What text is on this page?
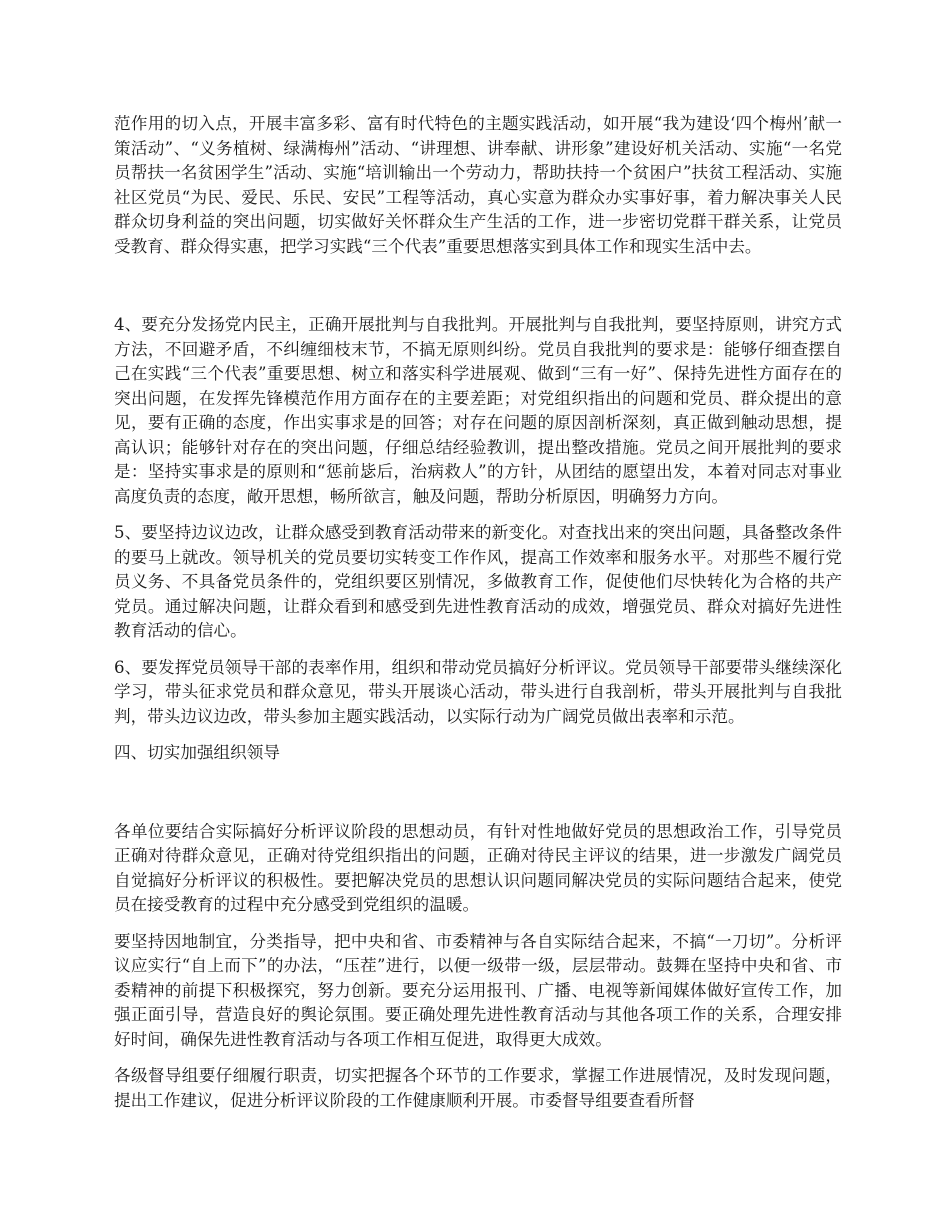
范作用的切入点，开展丰富多彩、富有时代特色的主题实践活动，如开展“我为建设‘四个梅州’献一策活动”、“义务植树、绿满梅州”活动、“讲理想、讲奉献、讲形象”建设好机关活动、实施“一名党员帮扶一名贫困学生”活动、实施“培训输出一个劳动力，帮助扶持一个贫困户”扶贫工程活动、实施社区党员“为民、爱民、乐民、安民”工程等活动，真心实意为群众办实事好事，着力解决事关人民群众切身利益的突出问题，切实做好关怀群众生产生活的工作，进一步密切党群干群关系，让党员受教育、群众得实惠，把学习实践“三个代表”重要思想落实到具体工作和现实生活中去。

4、要充分发扬党内民主，正确开展批判与自我批判。开展批判与自我批判，要坚持原则，讲究方式方法，不回避矛盾，不纠缠细枝末节，不搞无原则纠纷。党员自我批判的要求是：能够仔细查摆自己在实践“三个代表”重要思想、树立和落实科学进展观、做到“三有一好”、保持先进性方面存在的突出问题，在发挥先锋模范作用方面存在的主要差距；对党组织指出的问题和党员、群众提出的意见，要有正确的态度，作出实事求是的回答；对存在问题的原因剖析深刻，真正做到触动思想，提高认识；能够针对存在的突出问题，仔细总结经验教训，提出整改措施。党员之间开展批判的要求是：坚持实事求是的原则和“惩前毖后，治病救人”的方针，从团结的愿望出发，本着对同志对事业高度负责的态度，敞开思想，畅所欲言，触及问题，帮助分析原因，明确努力方向。

5、要坚持边议边改，让群众感受到教育活动带来的新变化。对查找出来的突出问题，具备整改条件的要马上就改。领导机关的党员要切实转变工作作风，提高工作效率和服务水平。对那些不履行党员义务、不具备党员条件的，党组织要区别情况，多做教育工作，促使他们尽快转化为合格的共产党员。通过解决问题，让群众看到和感受到先进性教育活动的成效，增强党员、群众对搞好先进性教育活动的信心。

6、要发挥党员领导干部的表率作用，组织和带动党员搞好分析评议。党员领导干部要带头继续深化学习，带头征求党员和群众意见，带头开展谈心活动，带头进行自我剖析，带头开展批判与自我批判，带头边议边改，带头参加主题实践活动，以实际行动为广阔党员做出表率和示范。

四、切实加强组织领导

各单位要结合实际搞好分析评议阶段的思想动员，有针对性地做好党员的思想政治工作，引导党员正确对待群众意见，正确对待党组织指出的问题，正确对待民主评议的结果，进一步激发广阔党员自觉搞好分析评议的积极性。要把解决党员的思想认识问题同解决党员的实际问题结合起来，使党员在接受教育的过程中充分感受到党组织的温暖。

要坚持因地制宜，分类指导，把中央和省、市委精神与各自实际结合起来，不搞“一刀切”。分析评议应实行“自上而下”的办法，“压茬”进行，以便一级带一级，层层带动。鼓舞在坚持中央和省、市委精神的前提下积极探究，努力创新。要充分运用报刊、广播、电视等新闻媒体做好宣传工作，加强正面引导，营造良好的舆论氛围。要正确处理先进性教育活动与其他各项工作的关系，合理安排好时间，确保先进性教育活动与各项工作相互促进，取得更大成效。

各级督导组要仔细履行职责，切实把握各个环节的工作要求，掌握工作进展情况，及时发现问题，提出工作建议，促进分析评议阶段的工作健康顺利开展。市委督导组要查看所督
